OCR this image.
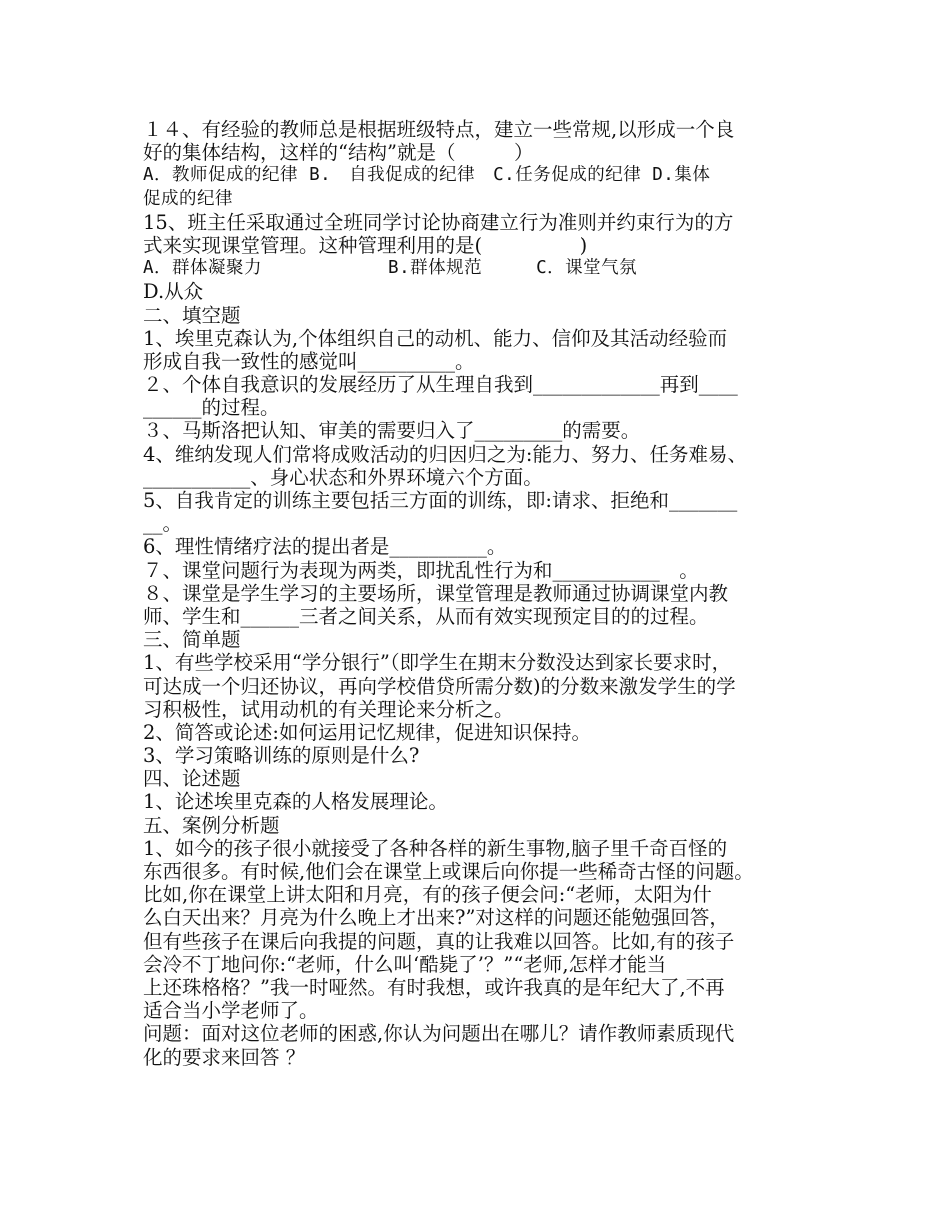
１４、有经验的教师总是根据班级特点，建立一些常规,以形成一个良
好的集体结构，这样的“结构”就是（　　　）
A．教师促成的纪律 B.　自我促成的纪律　C.任务促成的纪律 D.集体
促成的纪律
15、班主任采取通过全班同学讨论协商建立行为准则并约束行为的方
式来实现课堂管理。这种管理利用的是(　　　　　)
A．群体凝聚力　　　　　　　B.群体规范　　　C．课堂气氛
D.从众
二、填空题
1、埃里克森认为,个体组织自己的动机、能力、信仰及其活动经验而
形成自我一致性的感觉叫__________。
２、个体自我意识的发展经历了从生理自我到_____________再到____
______的过程。
３、马斯洛把认知、审美的需要归入了_________的需要。
4、维纳发现人们常将成败活动的归因归之为:能力、努力、任务难易、
___________、身心状态和外界环境六个方面。
5、自我肯定的训练主要包括三方面的训练，即:请求、拒绝和_______
__。
6、理性情绪疗法的提出者是__________。
７、课堂问题行为表现为两类，即扰乱性行为和___________　。
８、课堂是学生学习的主要场所，课堂管理是教师通过协调课堂内教
师、学生和______三者之间关系，从而有效实现预定目的的过程。
三、简单题
1、有些学校采用“学分银行”（即学生在期末分数没达到家长要求时，
可达成一个归还协议，再向学校借贷所需分数)的分数来激发学生的学
习积极性，试用动机的有关理论来分析之。
2、简答或论述:如何运用记忆规律，促进知识保持。
3、学习策略训练的原则是什么?
四、论述题
1、论述埃里克森的人格发展理论。
五、案例分析题
1、如今的孩子很小就接受了各种各样的新生事物,脑子里千奇百怪的
东西很多。有时候,他们会在课堂上或课后向你提一些稀奇古怪的问题。
比如,你在课堂上讲太阳和月亮，有的孩子便会问:“老师，太阳为什
么白天出来？月亮为什么晚上才出来?”对这样的问题还能勉强回答，
但有些孩子在课后向我提的问题，真的让我难以回答。比如,有的孩子
会冷不丁地问你:“老师，什么叫‘酷毙了’？”“老师,怎样才能当
上还珠格格？”我一时哑然。有时我想，或许我真的是年纪大了,不再
适合当小学老师了。
问题：面对这位老师的困惑,你认为问题出在哪儿？请作教师素质现代
化的要求来回答 ？
